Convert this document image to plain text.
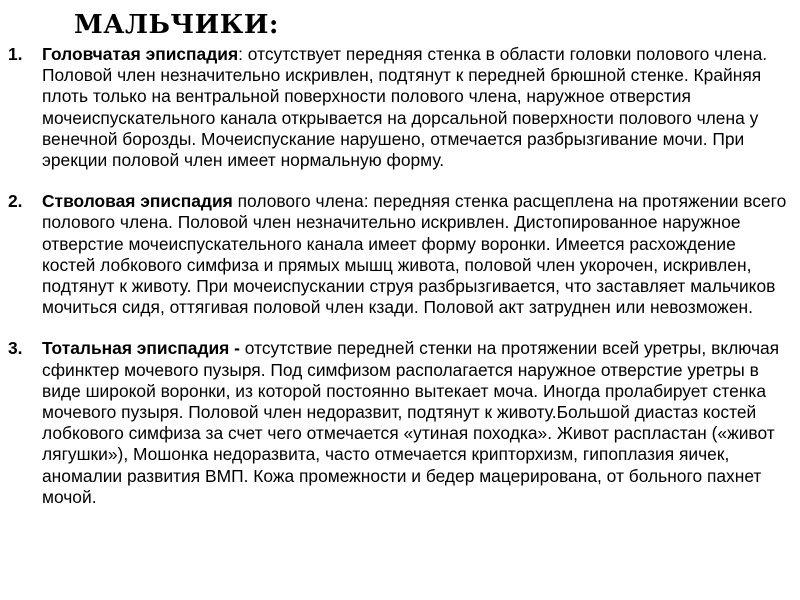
МАЛЬЧИКИ:
1. Головчатая эписпадия: отсутствует передняя стенка в области головки полового члена. Половой член незначительно искривлен, подтянут к передней брюшной стенке. Крайняя плоть только на вентральной поверхности полового члена, наружное отверстия мочеиспускательного канала открывается на дорсальной поверхности полового члена у венечной борозды. Мочеиспускание нарушено, отмечается разбрызгивание мочи. При эрекции половой член имеет нормальную форму.
2. Стволовая эписпадия полового члена: передняя стенка расщеплена на протяжении всего полового члена. Половой член незначительно искривлен. Дистопированное наружное отверстие мочеиспускательного канала имеет форму воронки. Имеется расхождение костей лобкового симфиза и прямых мышц живота, половой член укорочен, искривлен, подтянут к животу. При мочеиспускании струя разбрызгивается, что заставляет мальчиков мочиться сидя, оттягивая половой член кзади. Половой акт затруднен или невозможен.
3. Тотальная эписпадия - отсутствие передней стенки на протяжении всей уретры, включая сфинктер мочевого пузыря. Под симфизом располагается наружное отверстие уретры в виде широкой воронки, из которой постоянно вытекает моча. Иногда пролабирует стенка мочевого пузыря. Половой член недоразвит, подтянут к животу.Большой диастаз костей лобкового симфиза за счет чего отмечается «утиная походка». Живот распластан («живот лягушки»), Мошонка недоразвита, часто отмечается крипторхизм, гипоплазия яичек, аномалии развития ВМП. Кожа промежности и бедер мацерирована, от больного пахнет мочой.
